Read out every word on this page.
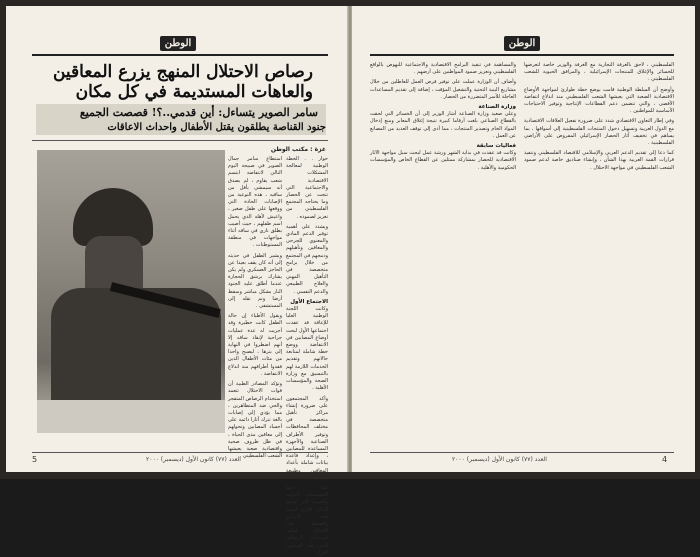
الوطن
رصاص الاحتلال المنهج يزرع المعاقين والعاهات المستديمة في كل مكان
سامر الصوير يتساءل: أين قدمي..؟! قصصت الجميع
جنود القناصة يطلقون يقتل الأطفال واحداث الاعاقات
غزة : مكتب الوطن
استطاع سامر جمال الصوير في صبيحة اليوم التالي لانتفاضة ابتسم شعب يقاوم ، لم يصدق أنه سيمشي بأقل من ساقيه ، هذه النوعية من الإصابات الحادة التي ووقعها على طفل صغير ، واعيش لأهله الذي يحمل اسم طفلهم ، حيث أصيب بطلق ناري في ساقه أثناء مواجهات في منطقة المستوطنات .
ويشير الطفل في حديثه إلى أنه كان يقف بعيدا عن الحاجز العسكري ولم يكن يشارك برشق الحجارة عندما أطلق عليه الجنود النار بشكل مباشر وسقط أرضا وتم نقله إلى المستشفى .
ويقول الأطباء إن حالة الطفل كانت خطيرة وقد أجريت له عدة عمليات جراحية لإنقاذ ساقه إلا أنهم اضطروا في النهاية إلى بترها ، ليصبح واحدا من مئات الأطفال الذين فقدوا أطرافهم منذ اندلاع الانتفاضة .
وتؤكد المصادر الطبية أن قوات الاحتلال تتعمد استخدام الرصاص المتفجر والحي ضد المتظاهرين ، مما يؤدي إلى إصابات بالغة تترك آثارا دائمة على أجساد المصابين وتحولهم إلى معاقين مدى الحياة ، في ظل ظروف صحية واقتصادية صعبة يعيشها الشعب الفلسطيني .
حوار . . الخطة الوطنية لمعالجة المشكلات الاقتصادية والاجتماعية التي نتجت عن الحصار وما يحتاجه المجتمع الفلسطيني من تعزيز لصموده .
ويشدد على أهمية توفير الدعم المادي والمعنوي للجرحى والمعاقين وتأهيلهم ودمجهم في المجتمع من خلال برامج متخصصة في التأهيل المهني والعلاج الطبيعي والدعم النفسي .
الاجتماع الأول
وكانت اللجنة الوطنية العليا للإعاقة قد عقدت اجتماعها الأول لبحث أوضاع المصابين في الانتفاضة ووضع خطة شاملة لمتابعة حالاتهم وتقديم الخدمات اللازمة لهم بالتنسيق مع وزارة الصحة والمؤسسات الأهلية .
وأكد المجتمعون على ضرورة إنشاء مراكز تأهيل متخصصة في مختلف المحافظات وتوفير الأطراف الصناعية والأجهزة المساعدة للمصابين ، وإعداد قاعدة بيانات شاملة بأعداد المعاقين وطبيعة إصاباتهم .
كما دعوا المؤسسات الدولية والعربية إلى تقديم الدعم اللازم لتنفيذ هذه البرامج والضغط على الاحتلال لوقف استخدام الرصاص الحي ضد المدنيين العزل .
5	العدد (٧٧) كانون الأول (ديسمبر) ٢٠٠٠
الوطن
والمساهمة في تنفيذ البرامج الاقتصادية والاجتماعية للنهوض بالواقع الفلسطيني وتعزيز صمود المواطنين على أرضهم .
وأضاف أن الوزارة عملت على توفير فرص العمل للعاطلين من خلال مشاريع البنية التحتية والتشغيل المؤقت ، إضافة إلى تقديم المساعدات العاجلة للأسر المتضررة من الحصار .
وزارة الصناعة
وعلى صعيد وزارة الصناعة أشار الوزير إلى أن الخسائر التي لحقت بالقطاع الصناعي بلغت أرقاما كبيرة نتيجة إغلاق المعابر ومنع إدخال المواد الخام وتصدير المنتجات ، مما أدى إلى توقف العديد من المصانع عن العمل .
فعاليات سابقة
وكانت قد عقدت في بداية الشهر ورشة عمل لبحث سبل مواجهة الآثار الاقتصادية للحصار بمشاركة ممثلين عن القطاع الخاص والمؤسسات الحكومية والأهلية .
الفلسطيني ، لاحق بالغرفة التجارية مع الغرفة والوزير خاصة لتعرضها للخسائر والإغلاق للمنتجات الإسرائيلية ، والمرافق الحيوية للشعب الفلسطيني .
وأوضح أن السلطة الوطنية قامت بوضع خطة طوارئ لمواجهة الأوضاع الاقتصادية الصعبة التي يعيشها الشعب الفلسطيني منذ اندلاع انتفاضة الأقصى ، والتي تتضمن دعم القطاعات الإنتاجية وتوفير الاحتياجات الأساسية للمواطنين .
وفي إطار التعاون الاقتصادي شدد على ضرورة تفعيل العلاقات الاقتصادية مع الدول العربية وتسهيل دخول المنتجات الفلسطينية إلى أسواقها ، بما يساهم في تخفيف آثار الحصار الإسرائيلي المفروض على الأراضي الفلسطينية .
كما دعا إلى تقديم الدعم العربي والإسلامي للاقتصاد الفلسطيني وتنفيذ قرارات القمة العربية بهذا الشأن ، وإنشاء صناديق خاصة لدعم صمود الشعب الفلسطيني في مواجهة الاحتلال .
العدد (٧٧) كانون الأول (ديسمبر) ٢٠٠٠	4
